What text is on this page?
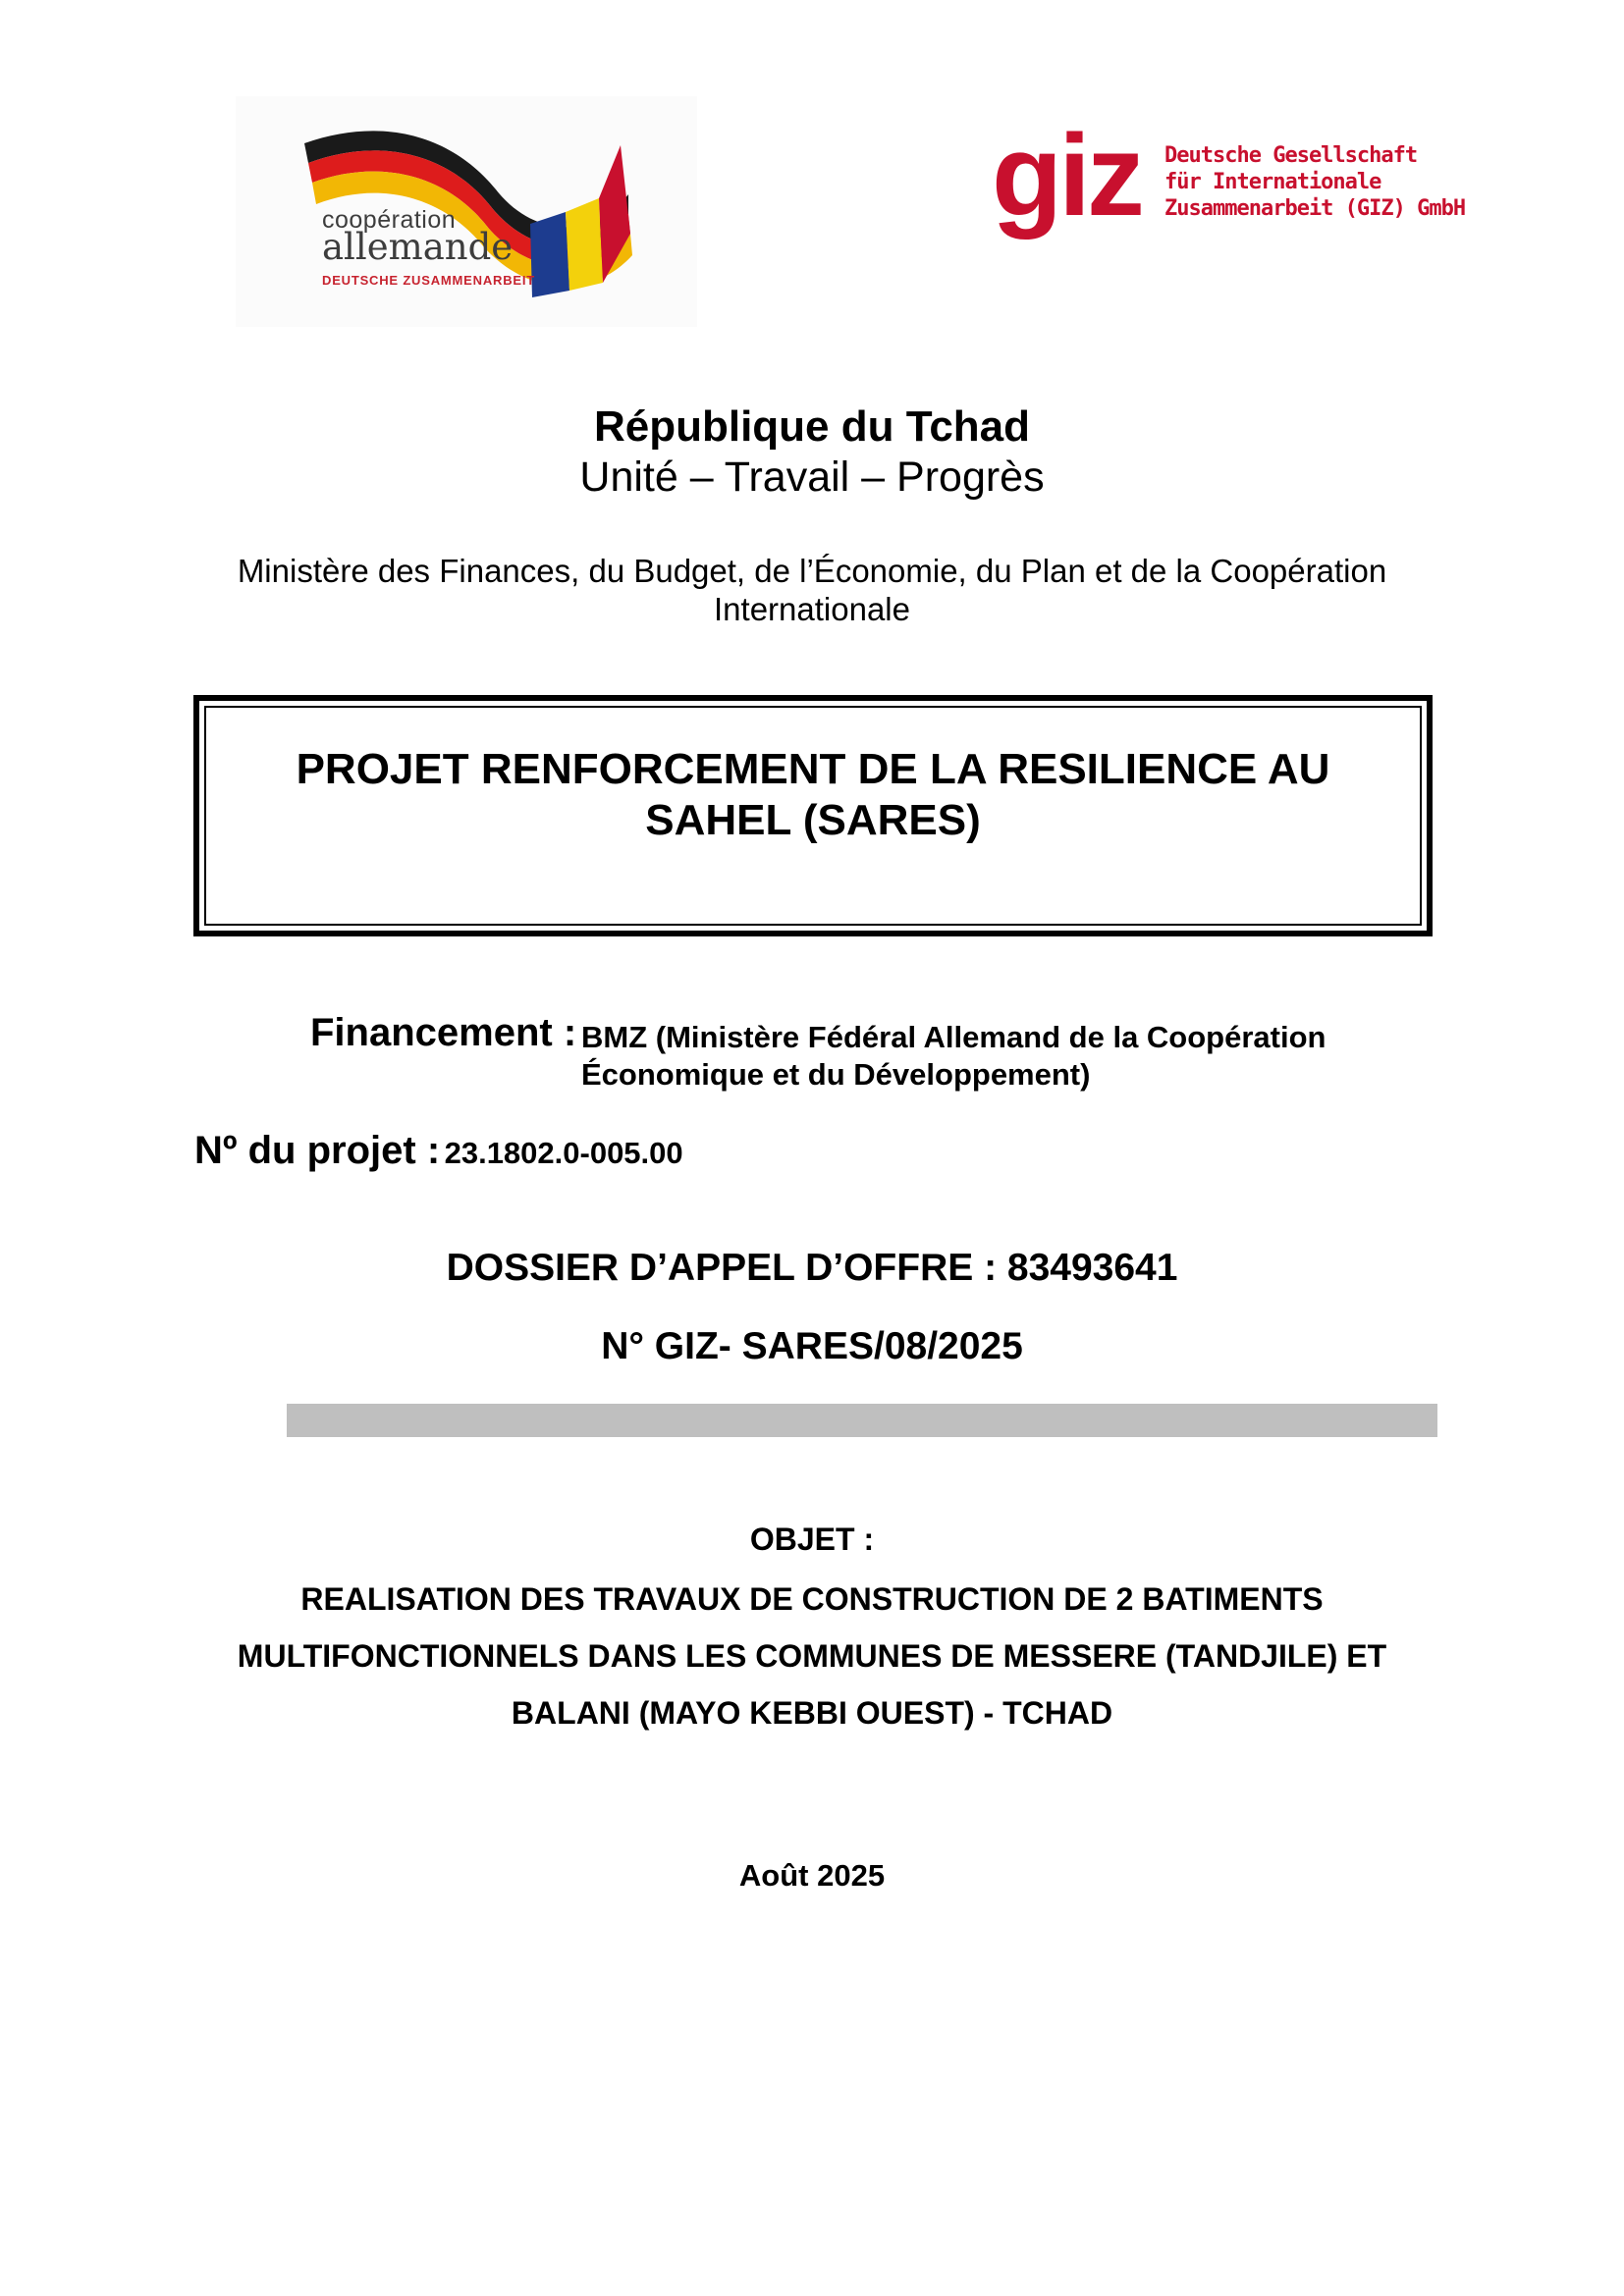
coopération
allemande
DEUTSCHE ZUSAMMENARBEIT
giz Deutsche Gesellschaft
für Internationale
Zusammenarbeit (GIZ) GmbH
République du Tchad
Unité – Travail – Progrès
Ministère des Finances, du Budget, de l’Économie, du Plan et de la Coopération Internationale
PROJET RENFORCEMENT DE LA RESILIENCE AU
SAHEL (SARES)
Financement : BMZ (Ministère Fédéral Allemand de la Coopération Économique et du Développement)
Nº du projet : 23.1802.0-005.00
DOSSIER D’APPEL D’OFFRE : 83493641
N° GIZ- SARES/08/2025
OBJET :
REALISATION DES TRAVAUX DE CONSTRUCTION DE 2 BATIMENTS
MULTIFONCTIONNELS DANS LES COMMUNES DE MESSERE (TANDJILE) ET
BALANI (MAYO KEBBI OUEST) - TCHAD
Août 2025
